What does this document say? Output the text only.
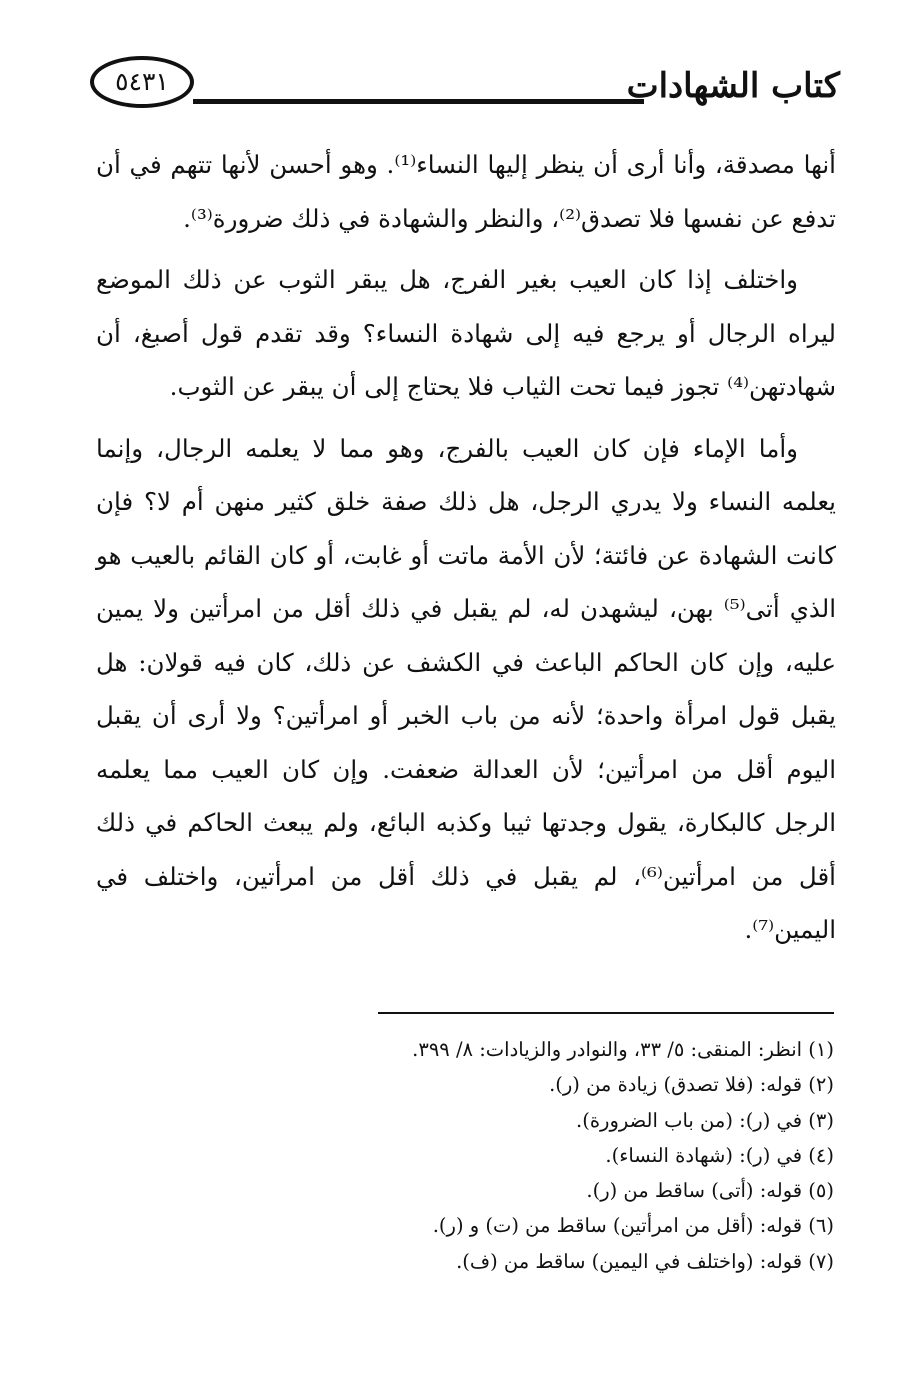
كتاب الشهادات
٥٤٣١

أنها مصدقة، وأنا أرى أن ينظر إليها النساء⁽¹⁾. وهو أحسن لأنها تتهم في أن تدفع عن نفسها فلا تصدق⁽²⁾، والنظر والشهادة في ذلك ضرورة⁽³⁾.

واختلف إذا كان العيب بغير الفرج، هل يبقر الثوب عن ذلك الموضع ليراه الرجال أو يرجع فيه إلى شهادة النساء؟ وقد تقدم قول أصبغ، أن شهادتهن⁽⁴⁾ تجوز فيما تحت الثياب فلا يحتاج إلى أن يبقر عن الثوب.

وأما الإماء فإن كان العيب بالفرج، وهو مما لا يعلمه الرجال، وإنما يعلمه النساء ولا يدري الرجل، هل ذلك صفة خلق كثير منهن أم لا؟ فإن كانت الشهادة عن فائتة؛ لأن الأمة ماتت أو غابت، أو كان القائم بالعيب هو الذي أتى⁽⁵⁾ بهن، ليشهدن له، لم يقبل في ذلك أقل من امرأتين ولا يمين عليه، وإن كان الحاكم الباعث في الكشف عن ذلك، كان فيه قولان: هل يقبل قول امرأة واحدة؛ لأنه من باب الخبر أو امرأتين؟ ولا أرى أن يقبل اليوم أقل من امرأتين؛ لأن العدالة ضعفت. وإن كان العيب مما يعلمه الرجل كالبكارة، يقول وجدتها ثيبا وكذبه البائع، ولم يبعث الحاكم في ذلك أقل من امرأتين⁽⁶⁾، لم يقبل في ذلك أقل من امرأتين، واختلف في اليمين⁽⁷⁾.

(١) انظر: المنقى: ٥/ ٣٣، والنوادر والزيادات: ٨/ ٣٩٩.

(٢) قوله: (فلا تصدق) زيادة من (ر).

(٣) في (ر): (من باب الضرورة).

(٤) في (ر): (شهادة النساء).

(٥) قوله: (أتى) ساقط من (ر).

(٦) قوله: (أقل من امرأتين) ساقط من (ت) و (ر).

(٧) قوله: (واختلف في اليمين) ساقط من (ف).
